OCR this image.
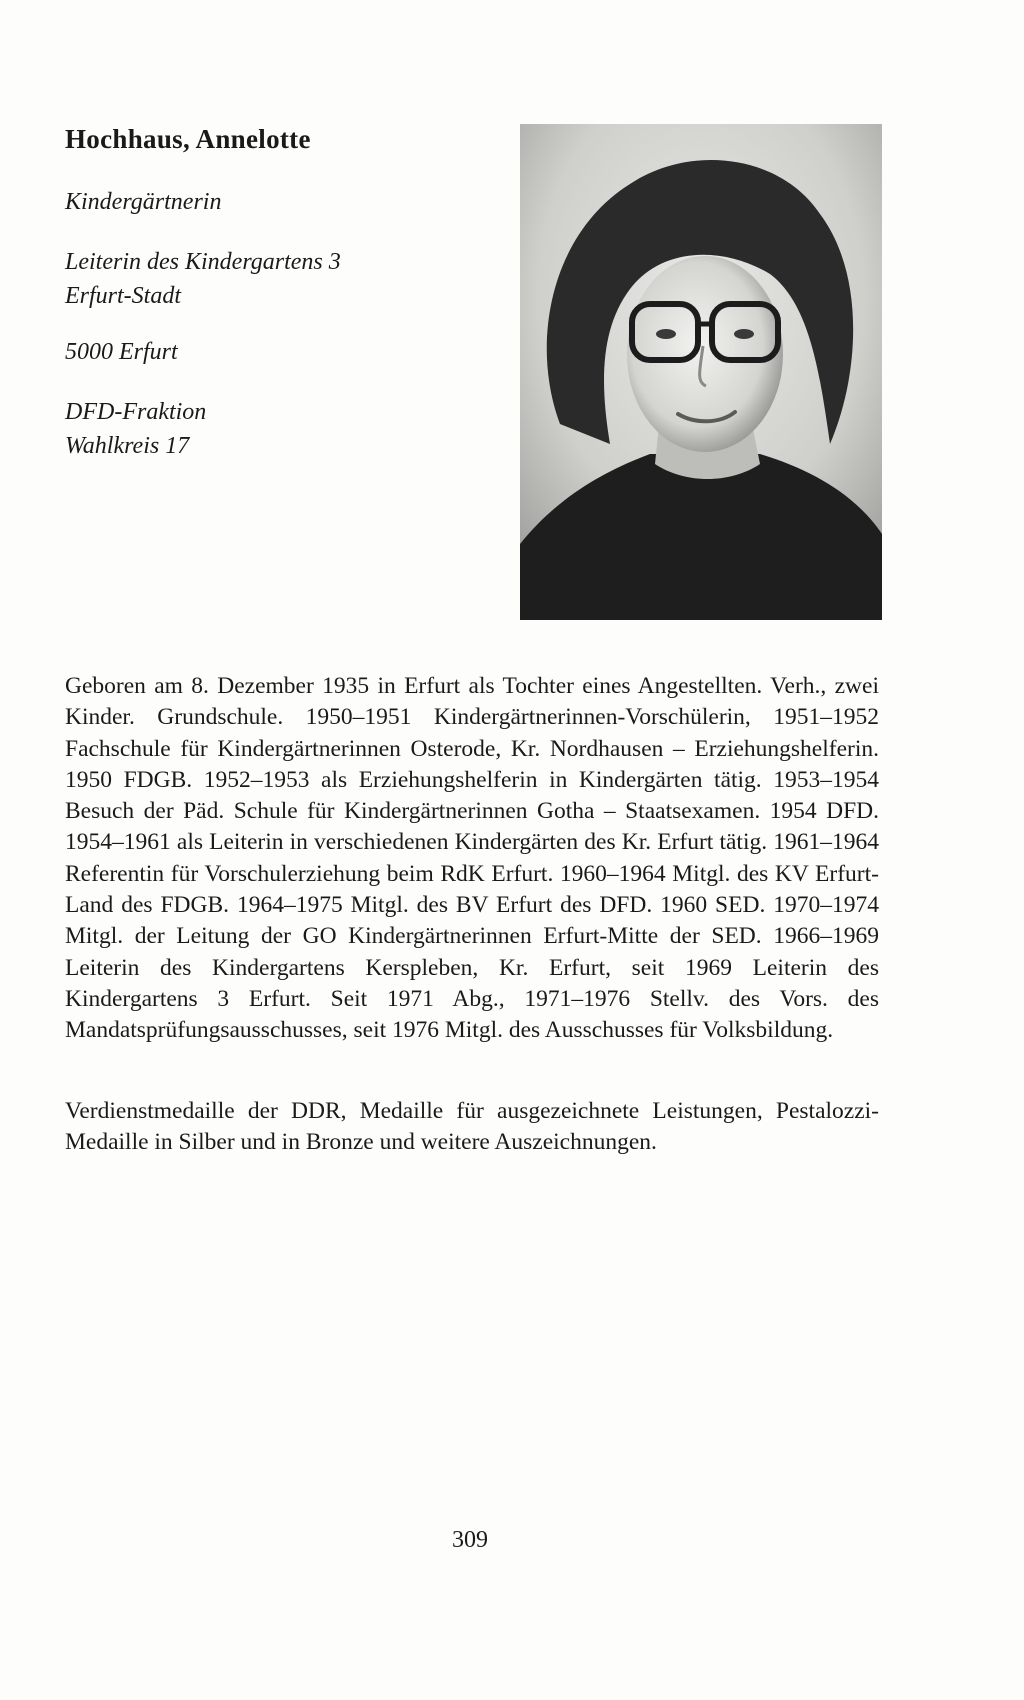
Hochhaus, Annelotte

Kindergärtnerin

Leiterin des Kindergartens 3
Erfurt-Stadt

5000 Erfurt

DFD-Fraktion
Wahlkreis 17

Geboren am 8. Dezember 1935 in Erfurt als Tochter eines Angestellten. Verh., zwei Kinder. Grundschule. 1950–1951 Kindergärtnerinnen-Vorschülerin, 1951–1952 Fachschule für Kindergärtnerinnen Osterode, Kr. Nordhausen – Erziehungshelferin. 1950 FDGB. 1952–1953 als Erziehungshelferin in Kindergärten tätig. 1953–1954 Besuch der Päd. Schule für Kindergärtnerinnen Gotha – Staatsexamen. 1954 DFD. 1954–1961 als Leiterin in verschiedenen Kindergärten des Kr. Erfurt tätig. 1961–1964 Referentin für Vorschulerziehung beim RdK Erfurt. 1960–1964 Mitgl. des KV Erfurt-Land des FDGB. 1964–1975 Mitgl. des BV Erfurt des DFD. 1960 SED. 1970–1974 Mitgl. der Leitung der GO Kindergärtnerinnen Erfurt-Mitte der SED. 1966–1969 Leiterin des Kindergartens Kerspleben, Kr. Erfurt, seit 1969 Leiterin des Kindergartens 3 Erfurt. Seit 1971 Abg., 1971–1976 Stellv. des Vors. des Mandatsprüfungsausschusses, seit 1976 Mitgl. des Ausschusses für Volksbildung.

Verdienstmedaille der DDR, Medaille für ausgezeichnete Leistungen, Pestalozzi-Medaille in Silber und in Bronze und weitere Auszeichnungen.

309
